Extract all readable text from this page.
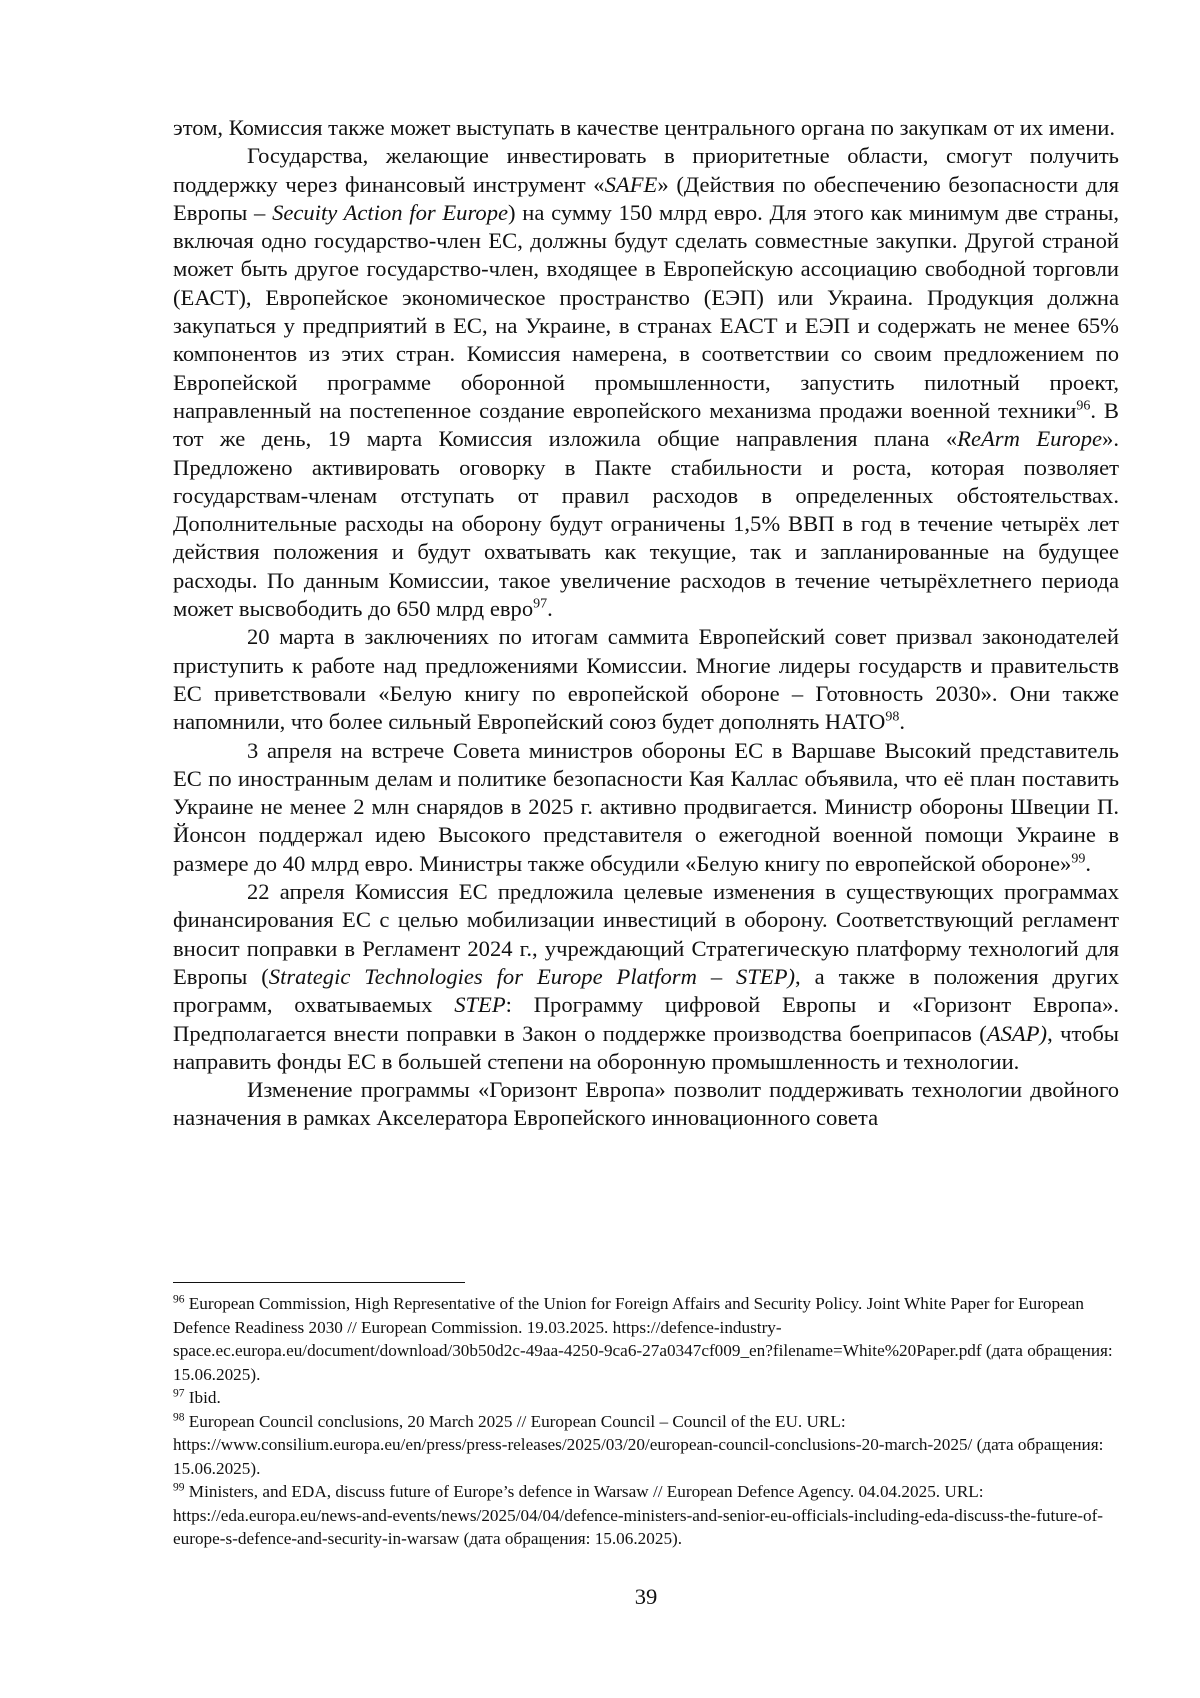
этом, Комиссия также может выступать в качестве центрального органа по закупкам от их имени.

Государства, желающие инвестировать в приоритетные области, смогут получить поддержку через финансовый инструмент «SAFE» (Действия по обеспечению безопасности для Европы – Secuity Action for Europe) на сумму 150 млрд евро. Для этого как минимум две страны, включая одно государство-член ЕС, должны будут сделать совместные закупки. Другой страной может быть другое государство-член, входящее в Европейскую ассоциацию свободной торговли (ЕАСТ), Европейское экономическое пространство (ЕЭП) или Украина. Продукция должна закупаться у предприятий в ЕС, на Украине, в странах ЕАСТ и ЕЭП и содержать не менее 65% компонентов из этих стран. Комиссия намерена, в соответствии со своим предложением по Европейской программе оборонной промышленности, запустить пилотный проект, направленный на постепенное создание европейского механизма продажи военной техники$^{96}$. В тот же день, 19 марта Комиссия изложила общие направления плана «ReArm Europe». Предложено активировать оговорку в Пакте стабильности и роста, которая позволяет государствам-членам отступать от правил расходов в определенных обстоятельствах. Дополнительные расходы на оборону будут ограничены 1,5% ВВП в год в течение четырёх лет действия положения и будут охватывать как текущие, так и запланированные на будущее расходы. По данным Комиссии, такое увеличение расходов в течение четырёхлетнего периода может высвободить до 650 млрд евро$^{97}$.

20 марта в заключениях по итогам саммита Европейский совет призвал законодателей приступить к работе над предложениями Комиссии. Многие лидеры государств и правительств ЕС приветствовали «Белую книгу по европейской обороне – Готовность 2030». Они также напомнили, что более сильный Европейский союз будет дополнять НАТО$^{98}$.

3 апреля на встрече Совета министров обороны ЕС в Варшаве Высокий представитель ЕС по иностранным делам и политике безопасности Кая Каллас объявила, что её план поставить Украине не менее 2 млн снарядов в 2025 г. активно продвигается. Министр обороны Швеции П. Йонсон поддержал идею Высокого представителя о ежегодной военной помощи Украине в размере до 40 млрд евро. Министры также обсудили «Белую книгу по европейской обороне»$^{99}$.

22 апреля Комиссия ЕС предложила целевые изменения в существующих программах финансирования ЕС с целью мобилизации инвестиций в оборону. Соответствующий регламент вносит поправки в Регламент 2024 г., учреждающий Стратегическую платформу технологий для Европы (Strategic Technologies for Europe Platform – STEP), а также в положения других программ, охватываемых STEP: Программу цифровой Европы и «Горизонт Европа». Предполагается внести поправки в Закон о поддержке производства боеприпасов (ASAP), чтобы направить фонды ЕС в большей степени на оборонную промышленность и технологии.

Изменение программы «Горизонт Европа» позволит поддерживать технологии двойного назначения в рамках Акселератора Европейского инновационного совета

$^{96}$ European Commission, High Representative of the Union for Foreign Affairs and Security Policy. Joint White Paper for European Defence Readiness 2030 // European Commission. 19.03.2025. https://defence-industry-space.ec.europa.eu/document/download/30b50d2c-49aa-4250-9ca6-27a0347cf009_en?filename=White%20Paper.pdf (дата обращения: 15.06.2025).

$^{97}$ Ibid.

$^{98}$ European Council conclusions, 20 March 2025 // European Council – Council of the EU. URL: https://www.consilium.europa.eu/en/press/press-releases/2025/03/20/european-council-conclusions-20-march-2025/ (дата обращения: 15.06.2025).

$^{99}$ Ministers, and EDA, discuss future of Europe’s defence in Warsaw // European Defence Agency. 04.04.2025. URL: https://eda.europa.eu/news-and-events/news/2025/04/04/defence-ministers-and-senior-eu-officials-including-eda-discuss-the-future-of-europe-s-defence-and-security-in-warsaw (дата обращения: 15.06.2025).

39
